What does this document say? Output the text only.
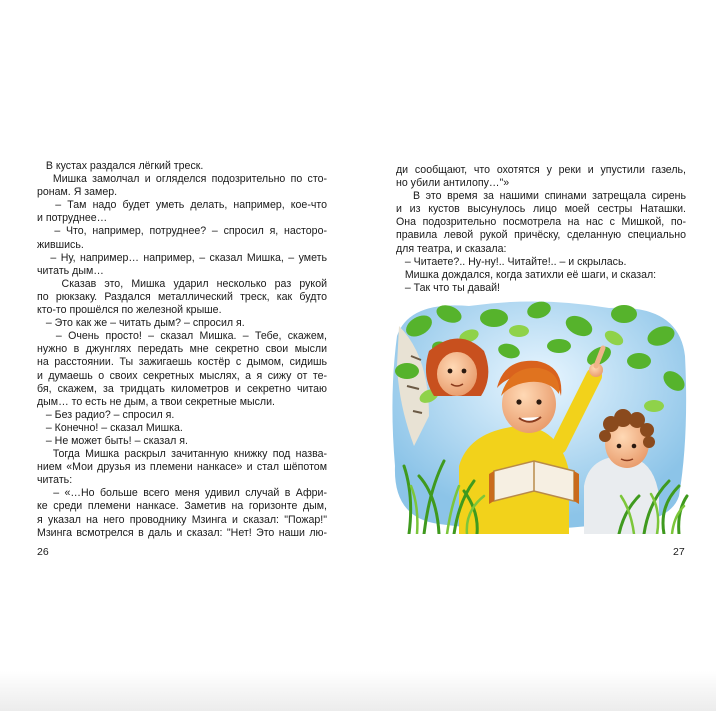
В кустах раздался лёгкий треск.
Мишка замолчал и огляделся подозрительно по сто-
ронам. Я замер.
– Там надо будет уметь делать, например, кое-что
и потруднее…
– Что, например, потруднее? – спросил я, насторо-
жившись.
– Ну, например… например, – сказал Мишка, – уметь
читать дым…
Сказав это, Мишка ударил несколько раз рукой
по рюкзаку. Раздался металлический треск, как будто
кто-то прошёлся по железной крыше.
– Это как же – читать дым? – спросил я.
– Очень просто! – сказал Мишка. – Тебе, скажем,
нужно в джунглях передать мне секретно свои мысли
на расстоянии. Ты зажигаешь костёр с дымом, сидишь
и думаешь о своих секретных мыслях, а я сижу от те-
бя, скажем, за тридцать километров и секретно читаю
дым… то есть не дым, а твои секретные мысли.
– Без радио? – спросил я.
– Конечно! – сказал Мишка.
– Не может быть! – сказал я.
Тогда Мишка раскрыл зачитанную книжку под назва-
нием «Мои друзья из племени нанкасе» и стал шёпотом
читать:
– «…Но больше всего меня удивил случай в Афри-
ке среди племени нанкасе. Заметив на горизонте дым,
я указал на него проводнику Мзинга и сказал: "Пожар!"
Мзинга всмотрелся в даль и сказал: "Нет! Это наши лю-
26
ди сообщают, что охотятся у реки и упустили газель,
но убили антилопу…"»
В это время за нашими спинами затрещала сирень
и из кустов высунулось лицо моей сестры Наташки.
Она подозрительно посмотрела на нас с Мишкой, по-
правила левой рукой причёску, сделанную специально
для театра, и сказала:
– Читаете?.. Ну-ну!.. Читайте!.. – и скрылась.
Мишка дождался, когда затихли её шаги, и сказал:
– Так что ты давай!
27
